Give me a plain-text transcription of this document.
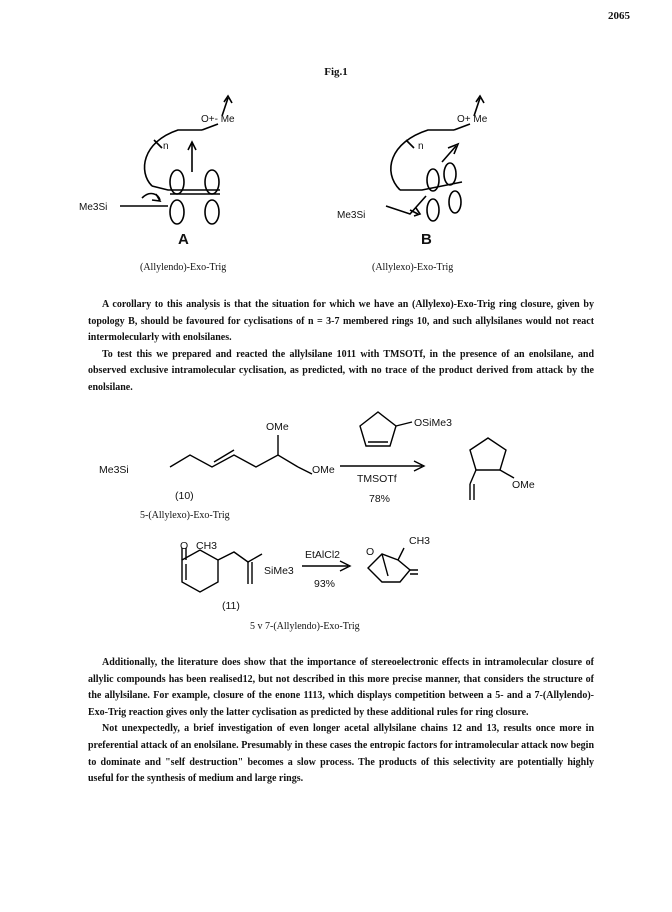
2065
Fig.1
O+- Me
n
Me3Si
A
(Allylendo)-Exo-Trig
O+ Me
n
Me3Si
B
(Allylexo)-Exo-Trig

A corollary to this analysis is that the situation for which we have an (Allylexo)-Exo-Trig ring closure, given by topology B, should be favoured for cyclisations of n = 3-7 membered rings 10, and such allylsilanes would not react intermolecularly with enolsilanes.

To test this we prepared and reacted the allylsilane 1011 with TMSOTf, in the presence of an enolsilane, and observed exclusive intramolecular cyclisation, as predicted, with no trace of the product derived from attack by the enolsilane.

OMe
Me3Si	OMe
(10)
5-(Allylexo)-Exo-Trig
OSiMe3
TMSOTf
78%
OMe
O CH3
SiMe3
EtAlCl2
93%
(11)
O
CH3
5 v 7-(Allylendo)-Exo-Trig

Additionally, the literature does show that the importance of stereoelectronic effects in intramolecular closure of allylic compounds has been realised12, but not described in this more precise manner, that considers the structure of the allylsilane. For example, closure of the enone 1113, which displays competition between a 5- and a 7-(Allylendo)-Exo-Trig reaction gives only the latter cyclisation as predicted by these additional rules for ring closure.

Not unexpectedly, a brief investigation of even longer acetal allylsilane chains 12 and 13, results once more in preferential attack of an enolsilane. Presumably in these cases the entropic factors for intramolecular attack now begin to dominate and "self destruction" becomes a slow process. The products of this selectivity are potentially highly useful for the synthesis of medium and large rings.
